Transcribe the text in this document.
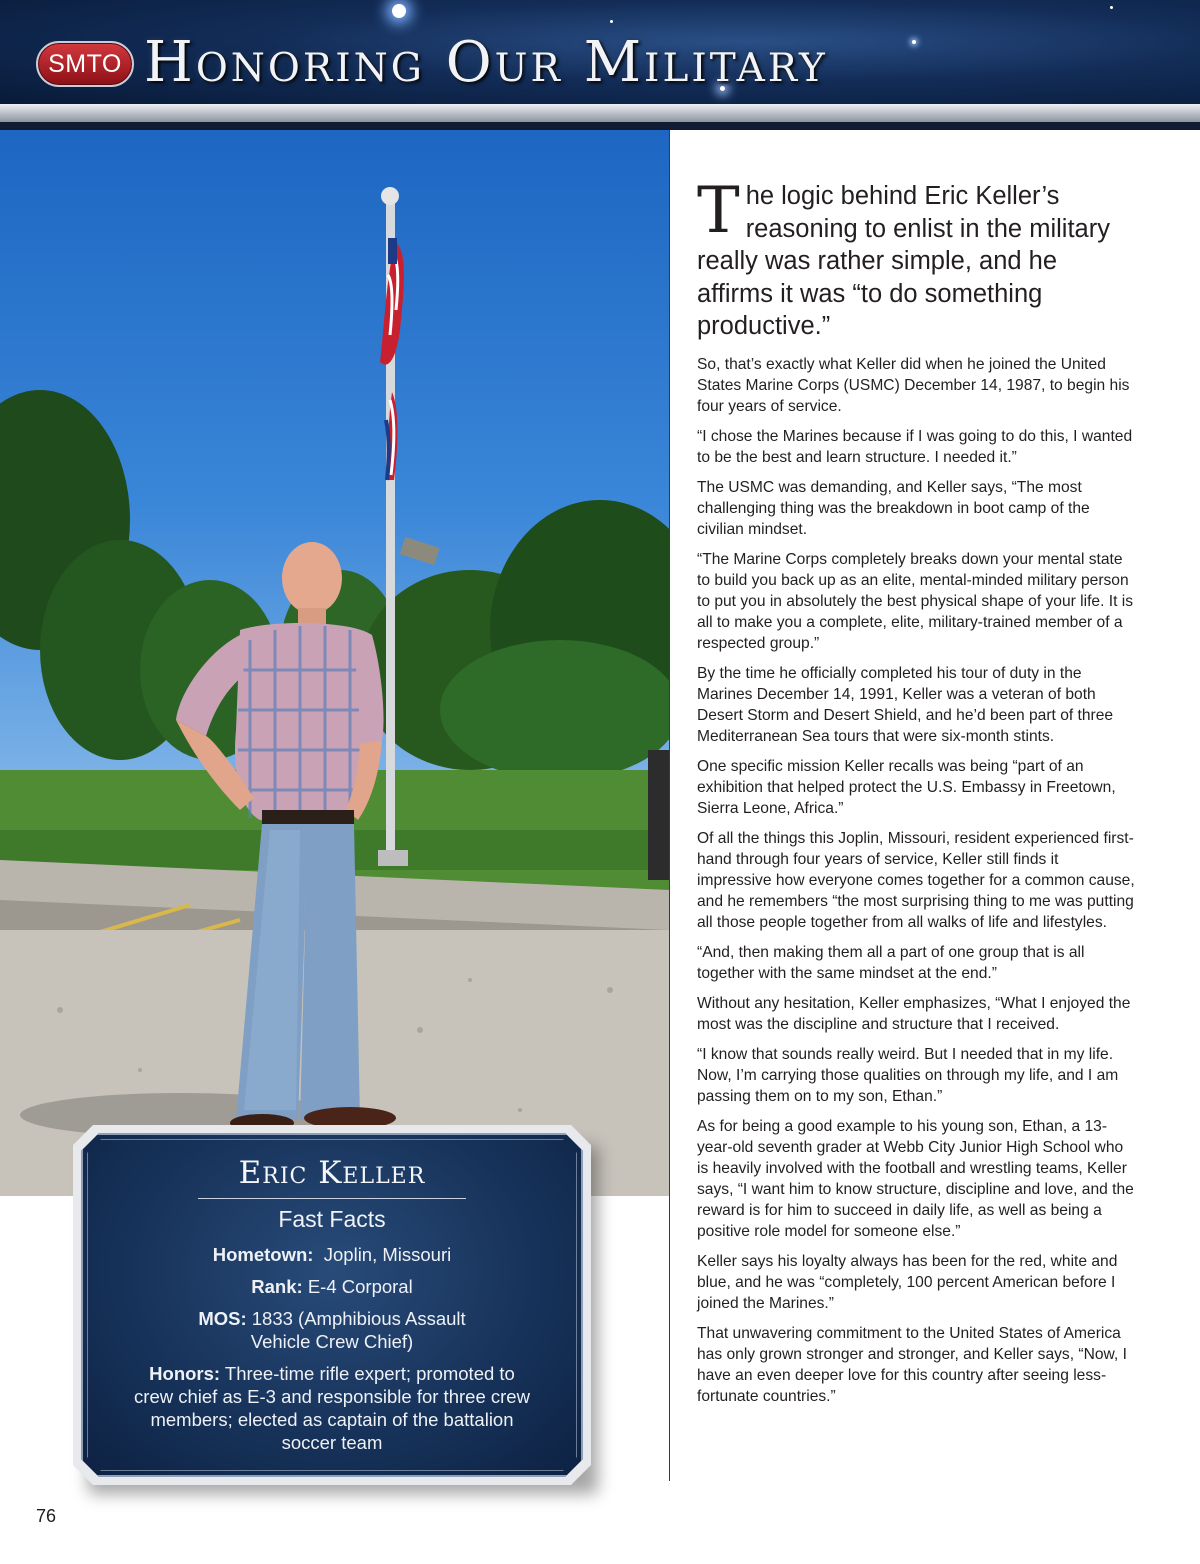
SMTO Honoring Our Military
Eric Keller
Fast Facts
Hometown: Joplin, Missouri
Rank: E-4 Corporal
MOS: 1833 (Amphibious Assault Vehicle Crew Chief)
Honors: Three-time rifle expert; promoted to crew chief as E-3 and responsible for three crew members; elected as captain of the battalion soccer team
The logic behind Eric Keller’s reasoning to enlist in the military really was rather simple, and he affirms it was “to do something productive.”

So, that’s exactly what Keller did when he joined the United States Marine Corps (USMC) December 14, 1987, to begin his four years of service.

“I chose the Marines because if I was going to do this, I wanted to be the best and learn structure. I needed it.”

The USMC was demanding, and Keller says, “The most challenging thing was the breakdown in boot camp of the civilian mindset.

“The Marine Corps completely breaks down your mental state to build you back up as an elite, mental-minded military person to put you in absolutely the best physical shape of your life. It is all to make you a complete, elite, military-trained member of a respected group.”

By the time he officially completed his tour of duty in the Marines December 14, 1991, Keller was a veteran of both Desert Storm and Desert Shield, and he’d been part of three Mediterranean Sea tours that were six-month stints.

One specific mission Keller recalls was being “part of an exhibition that helped protect the U.S. Embassy in Freetown, Sierra Leone, Africa.”

Of all the things this Joplin, Missouri, resident experienced first-hand through four years of service, Keller still finds it impressive how everyone comes together for a common cause, and he remembers “the most surprising thing to me was putting all those people together from all walks of life and lifestyles.

“And, then making them all a part of one group that is all together with the same mindset at the end.”

Without any hesitation, Keller emphasizes, “What I enjoyed the most was the discipline and structure that I received.

“I know that sounds really weird. But I needed that in my life. Now, I’m carrying those qualities on through my life, and I am passing them on to my son, Ethan.”

As for being a good example to his young son, Ethan, a 13-year-old seventh grader at Webb City Junior High School who is heavily involved with the football and wrestling teams, Keller says, “I want him to know structure, discipline and love, and the reward is for him to succeed in daily life, as well as being a positive role model for someone else.”

Keller says his loyalty always has been for the red, white and blue, and he was “completely, 100 percent American before I joined the Marines.”

That unwavering commitment to the United States of America has only grown stronger and stronger, and Keller says, “Now, I have an even deeper love for this country after seeing less-fortunate countries.”

76
